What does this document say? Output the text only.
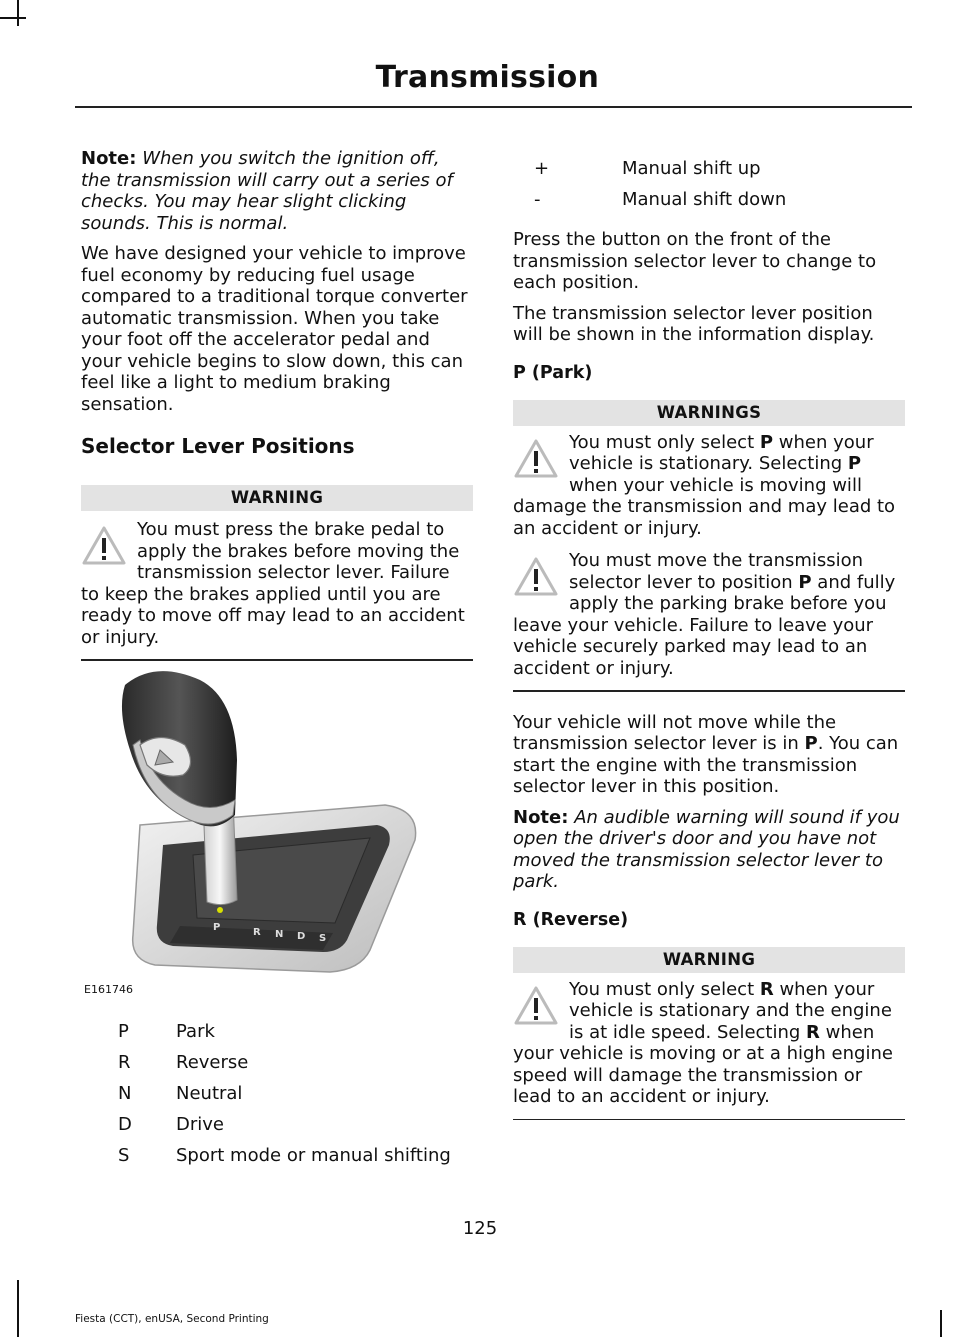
Transmission

Note: When you switch the ignition off, the transmission will carry out a series of checks. You may hear slight clicking sounds. This is normal.

We have designed your vehicle to improve fuel economy by reducing fuel usage compared to a traditional torque converter automatic transmission. When you take your foot off the accelerator pedal and your vehicle begins to slow down, this can feel like a light to medium braking sensation.

Selector Lever Positions
WARNING

You must press the brake pedal to apply the brakes before moving the transmission selector lever. Failure to keep the brakes applied until you are ready to move off may lead to an accident or injury.

P	R N D S
E161746
P	Park
R	Reverse
N	Neutral
D	Drive
S	Sport mode or manual shifting
+	Manual shift up
-	Manual shift down

Press the button on the front of the transmission selector lever to change to each position.

The transmission selector lever position will be shown in the information display.

P (Park)
WARNINGS

You must only select P when your vehicle is stationary. Selecting P when your vehicle is moving will damage the transmission and may lead to an accident or injury.

You must move the transmission selector lever to position P and fully apply the parking brake before you leave your vehicle. Failure to leave your vehicle securely parked may lead to an accident or injury.

Your vehicle will not move while the transmission selector lever is in P. You can start the engine with the transmission selector lever in this position.

Note: An audible warning will sound if you open the driver's door and you have not moved the transmission selector lever to park.

R (Reverse)
WARNING

You must only select R when your vehicle is stationary and the engine is at idle speed. Selecting R when your vehicle is moving or at a high engine speed will damage the transmission or lead to an accident or injury.

125
Fiesta (CCT), enUSA, Second Printing
